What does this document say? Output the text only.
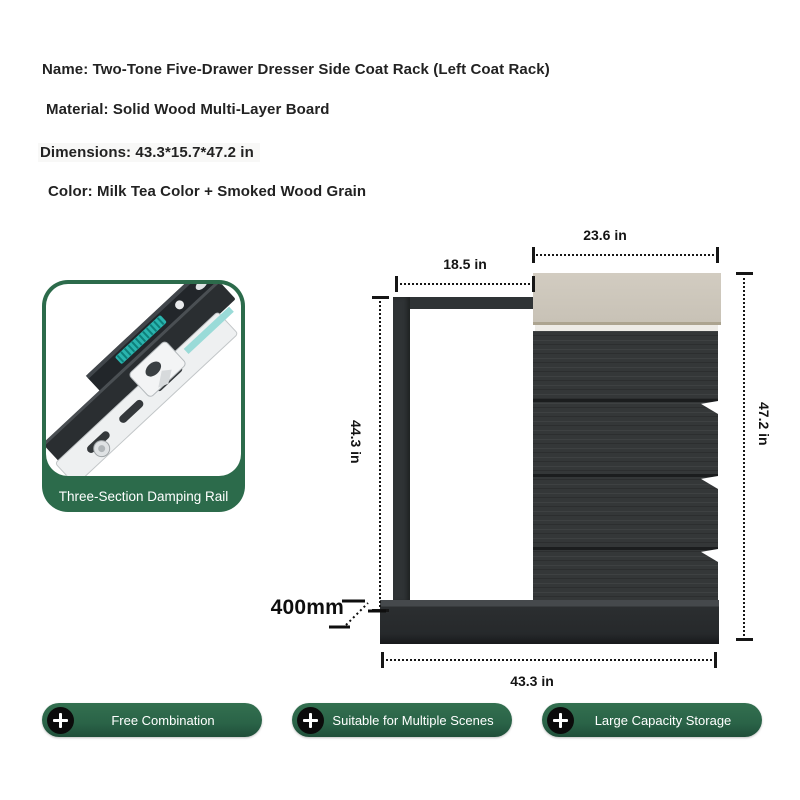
Name: Two-Tone Five-Drawer Dresser Side Coat Rack (Left Coat Rack)
Material: Solid Wood Multi-Layer Board
Dimensions: 43.3*15.7*47.2 in
Color: Milk Tea Color + Smoked Wood Grain
Three-Section Damping Rail
23.6 in
18.5 in
47.2 in
44.3 in
43.3 in
400mm
Free Combination	Suitable for Multiple Scenes	Large Capacity Storage
